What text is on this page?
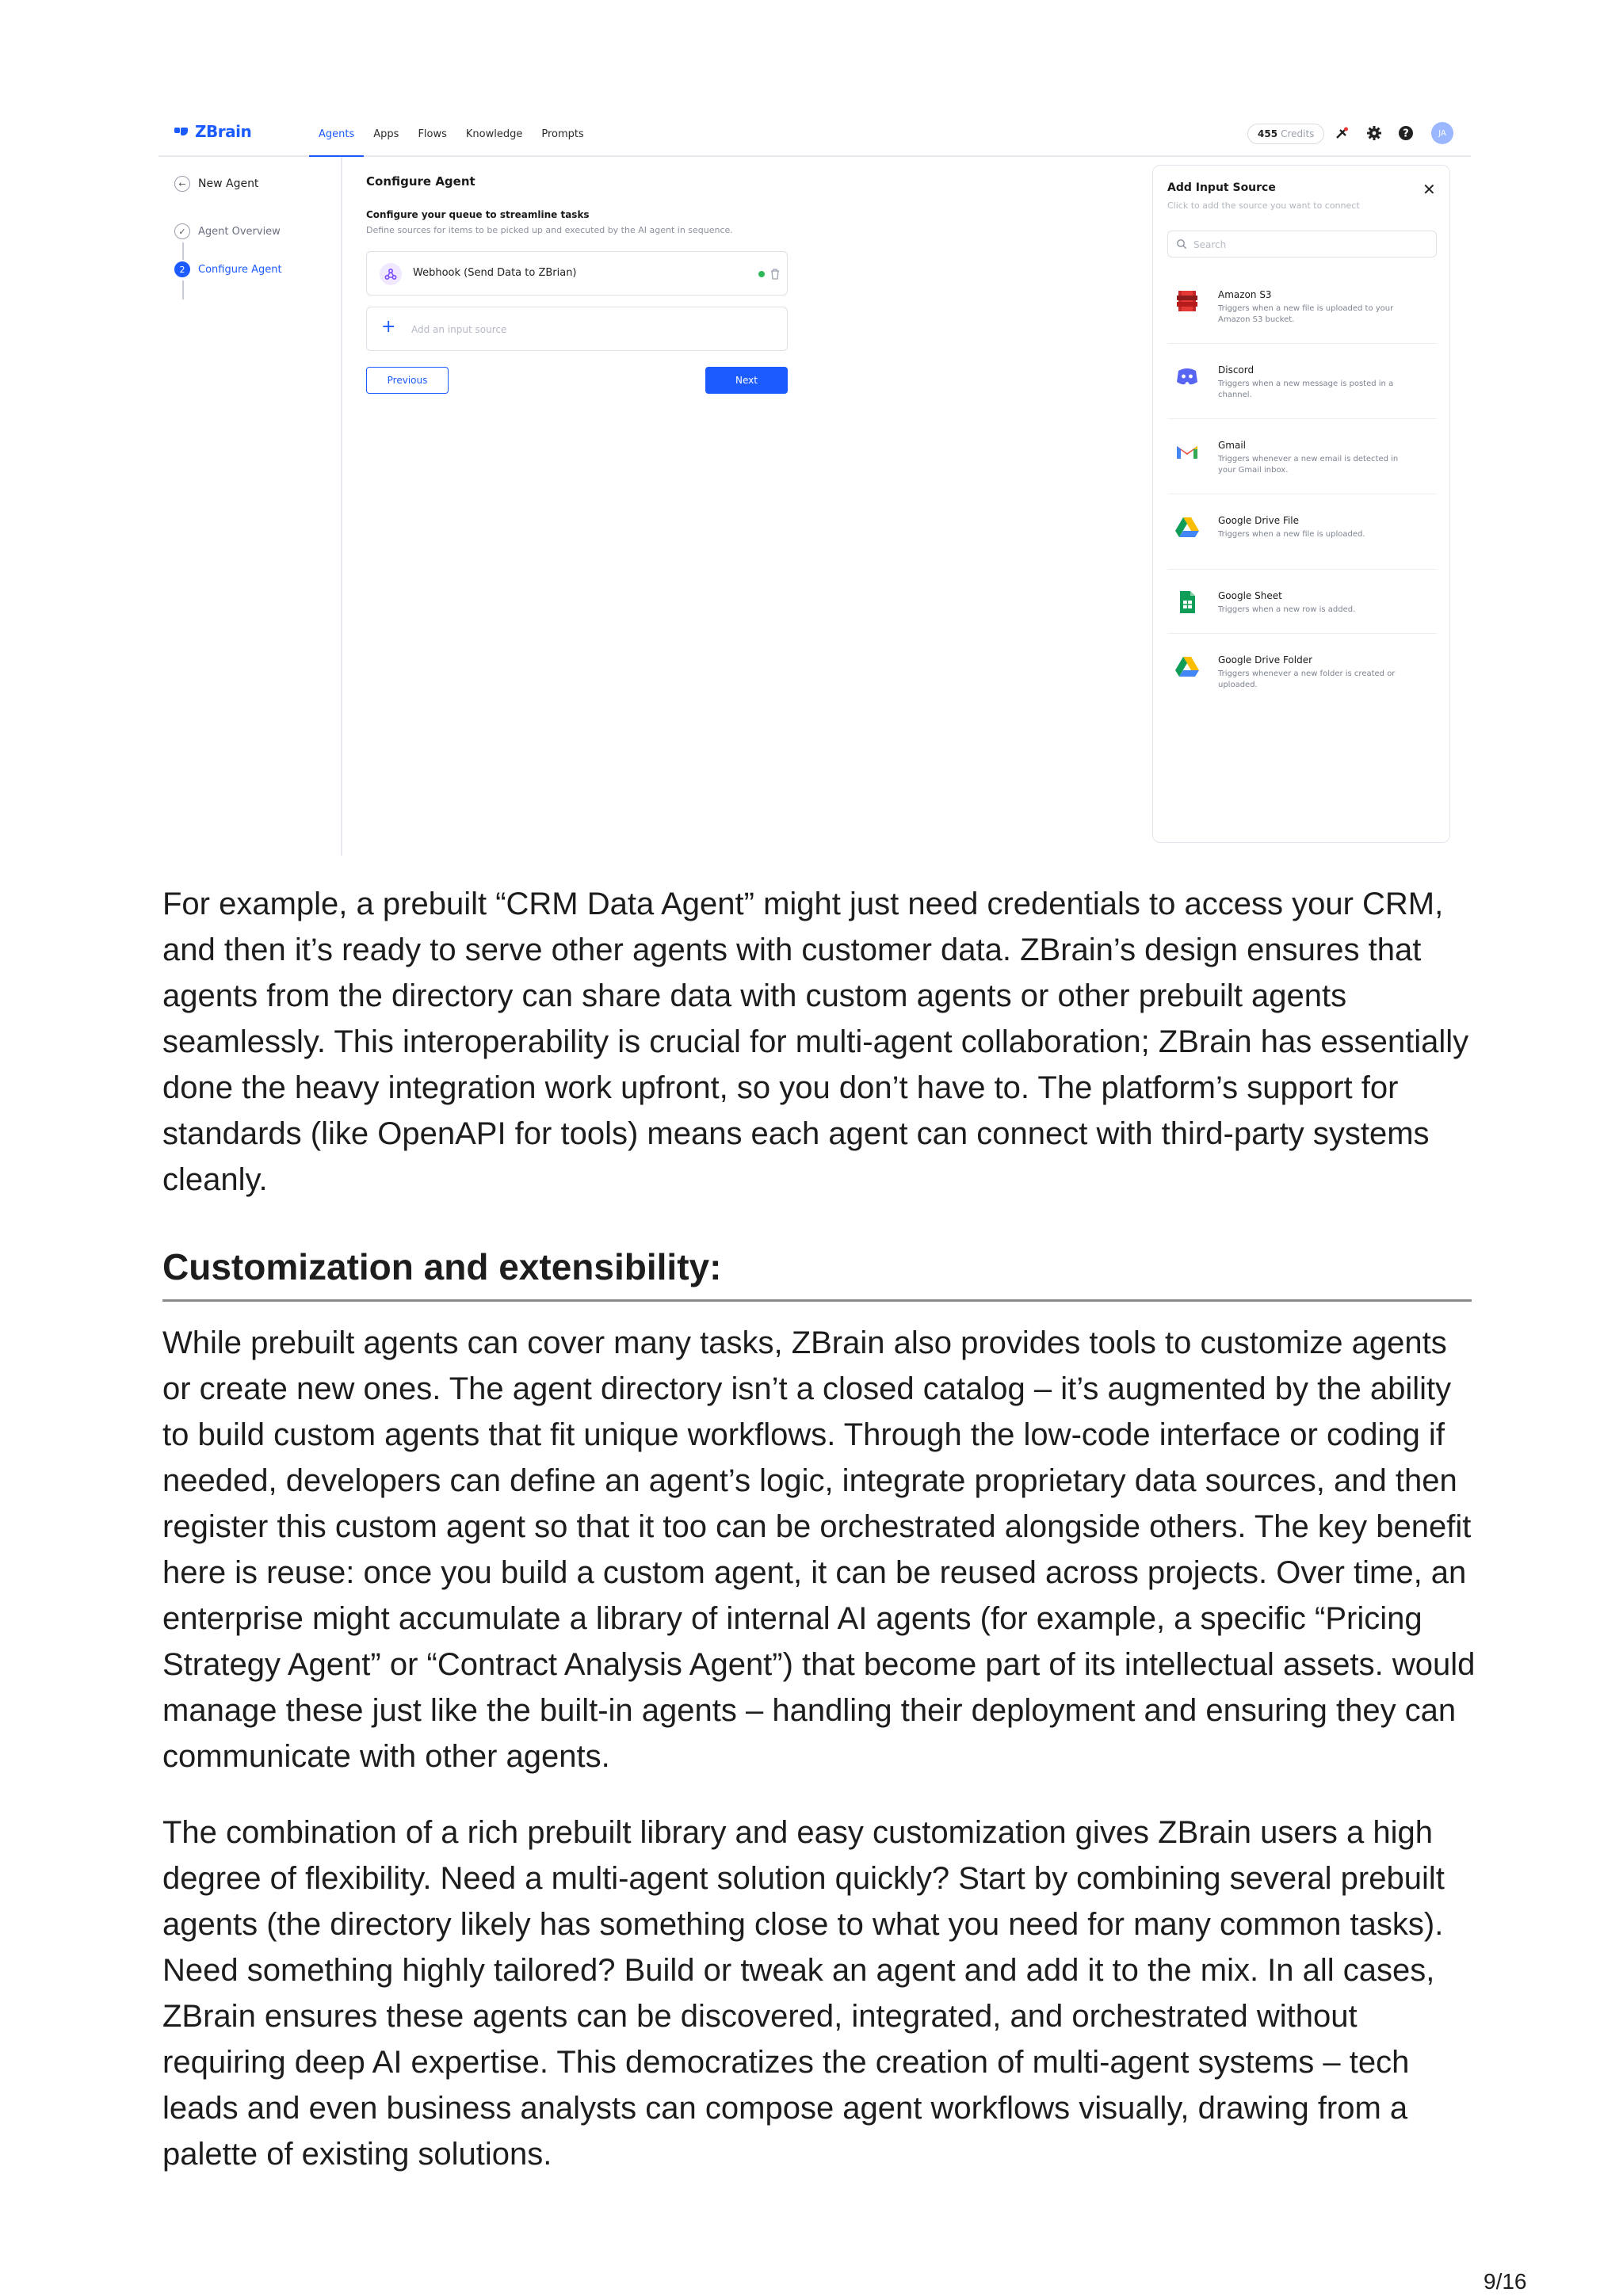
ZBrain	Agents	Apps	Flows	Knowledge	Prompts	455 Credits	?	JA
←	New Agent
✓	Agent Overview
2	Configure Agent

Configure Agent

Configure your queue to streamline tasks

Define sources for items to be picked up and executed by the AI agent in sequence.

Webhook (Send Data to ZBrian)
+ Add an input source
Previous	Next
Add Input Source
Click to add the source you want to connect
✕
Search
Amazon S3
Triggers when a new file is uploaded to your Amazon S3 bucket.
Discord
Triggers when a new message is posted in a channel.
Gmail
Triggers whenever a new email is detected in your Gmail inbox.
Google Drive File
Triggers when a new file is uploaded.
Google Sheet
Triggers when a new row is added.
Google Drive Folder
Triggers whenever a new folder is created or uploaded.

For example, a prebuilt “CRM Data Agent” might just need credentials to access your CRM, and then it’s ready to serve other agents with customer data. ZBrain’s design ensures that agents from the directory can share data with custom agents or other prebuilt agents seamlessly. This interoperability is crucial for multi-agent collaboration; ZBrain has essentially done the heavy integration work upfront, so you don’t have to. The platform’s support for standards (like OpenAPI for tools) means each agent can connect with third-party systems cleanly.

Customization and extensibility:

While prebuilt agents can cover many tasks, ZBrain also provides tools to customize agents or create new ones. The agent directory isn’t a closed catalog – it’s augmented by the ability to build custom agents that fit unique workflows. Through the low-code interface or coding if needed, developers can define an agent’s logic, integrate proprietary data sources, and then register this custom agent so that it too can be orchestrated alongside others. The key benefit here is reuse: once you build a custom agent, it can be reused across projects. Over time, an enterprise might accumulate a library of internal AI agents (for example, a specific “Pricing Strategy Agent” or “Contract Analysis Agent”) that become part of its intellectual assets. would manage these just like the built-in agents – handling their deployment and ensuring they can communicate with other agents.

The combination of a rich prebuilt library and easy customization gives ZBrain users a high degree of flexibility. Need a multi-agent solution quickly? Start by combining several prebuilt agents (the directory likely has something close to what you need for many common tasks). Need something highly tailored? Build or tweak an agent and add it to the mix. In all cases, ZBrain ensures these agents can be discovered, integrated, and orchestrated without requiring deep AI expertise. This democratizes the creation of multi-agent systems – tech leads and even business analysts can compose agent workflows visually, drawing from a palette of existing solutions.

9/16
